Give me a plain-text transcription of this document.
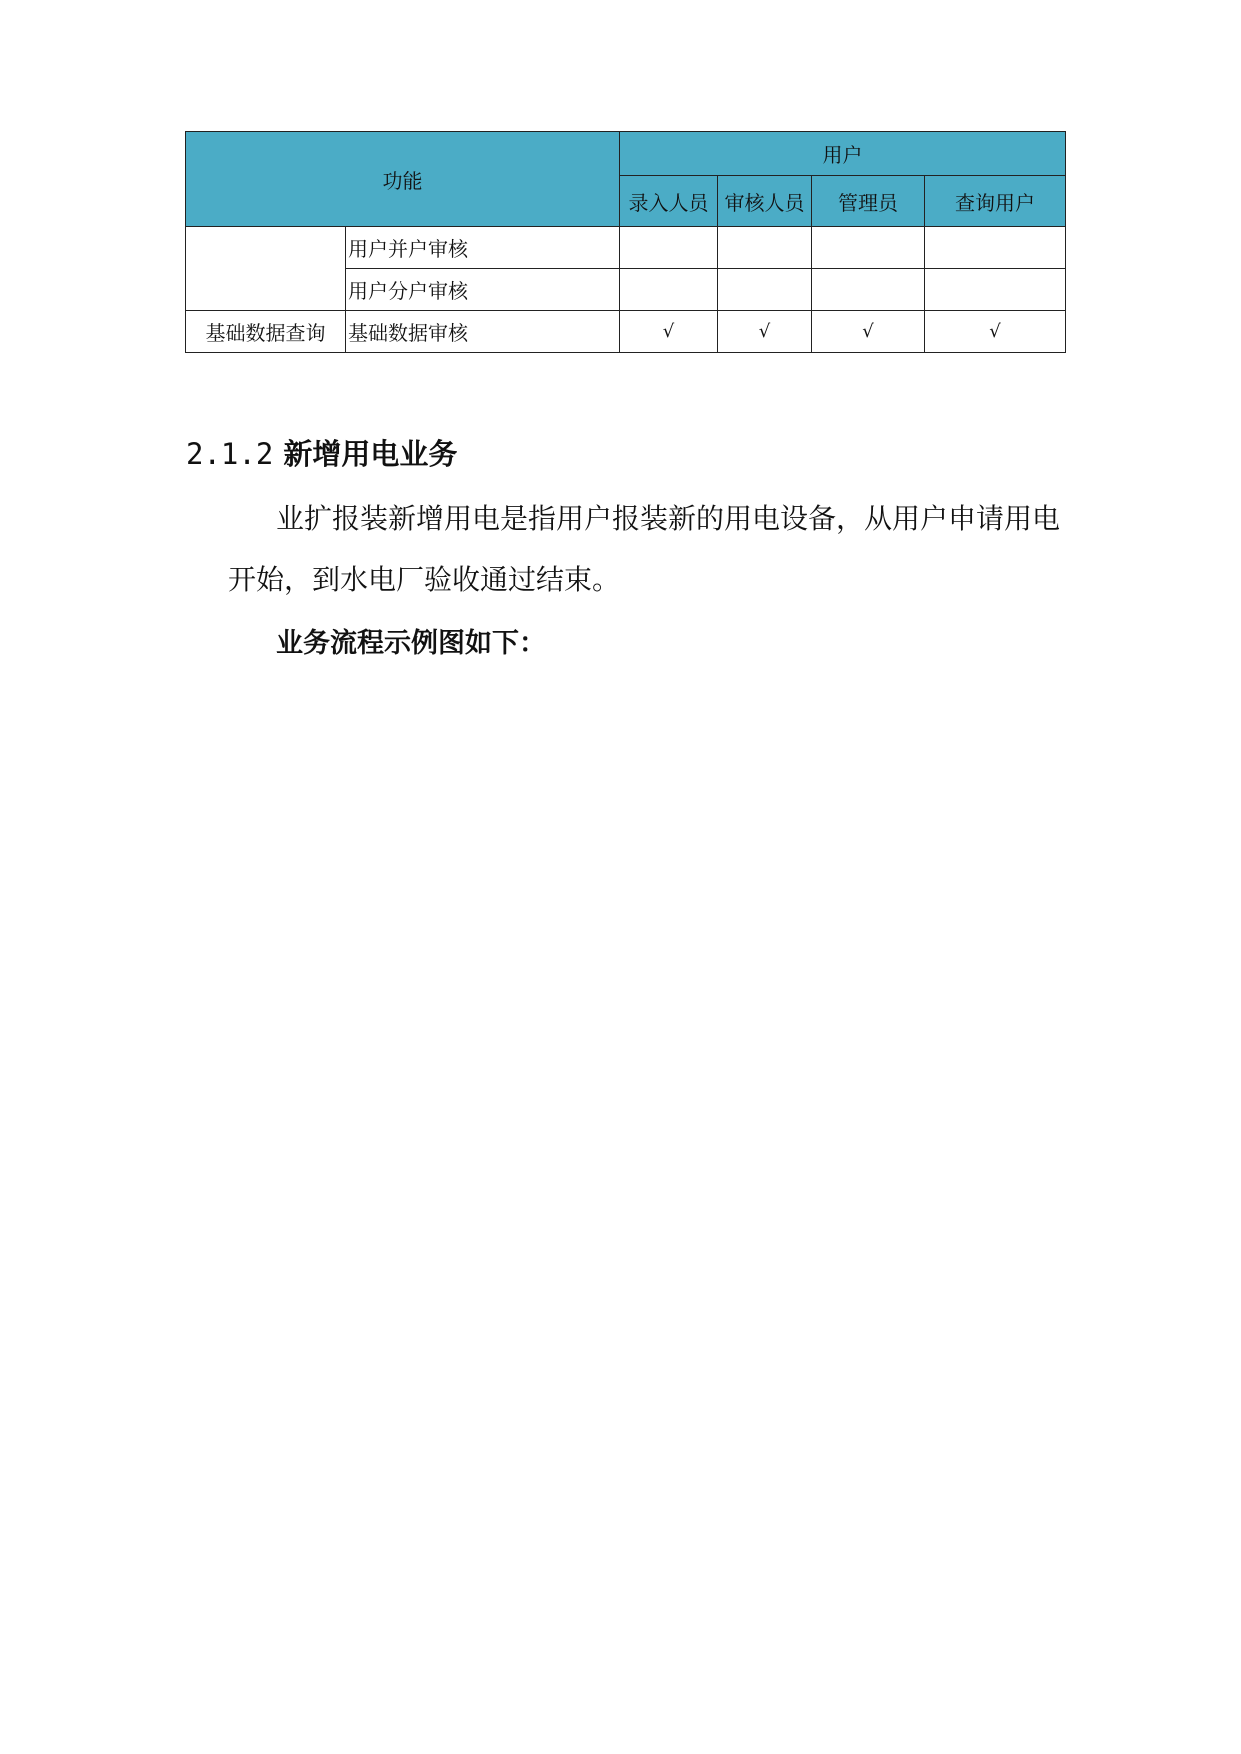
功能		用户			
		录入人员	审核人员	管理员	查询用户
	用户并户审核				
	用户分户审核				
基础数据查询	基础数据审核	√	√	√	√
2.1.2 新增用电业务

业扩报装新增用电是指用户报装新的用电设备，从用户申请用电开始，到水电厂验收通过结束。

业务流程示例图如下：
